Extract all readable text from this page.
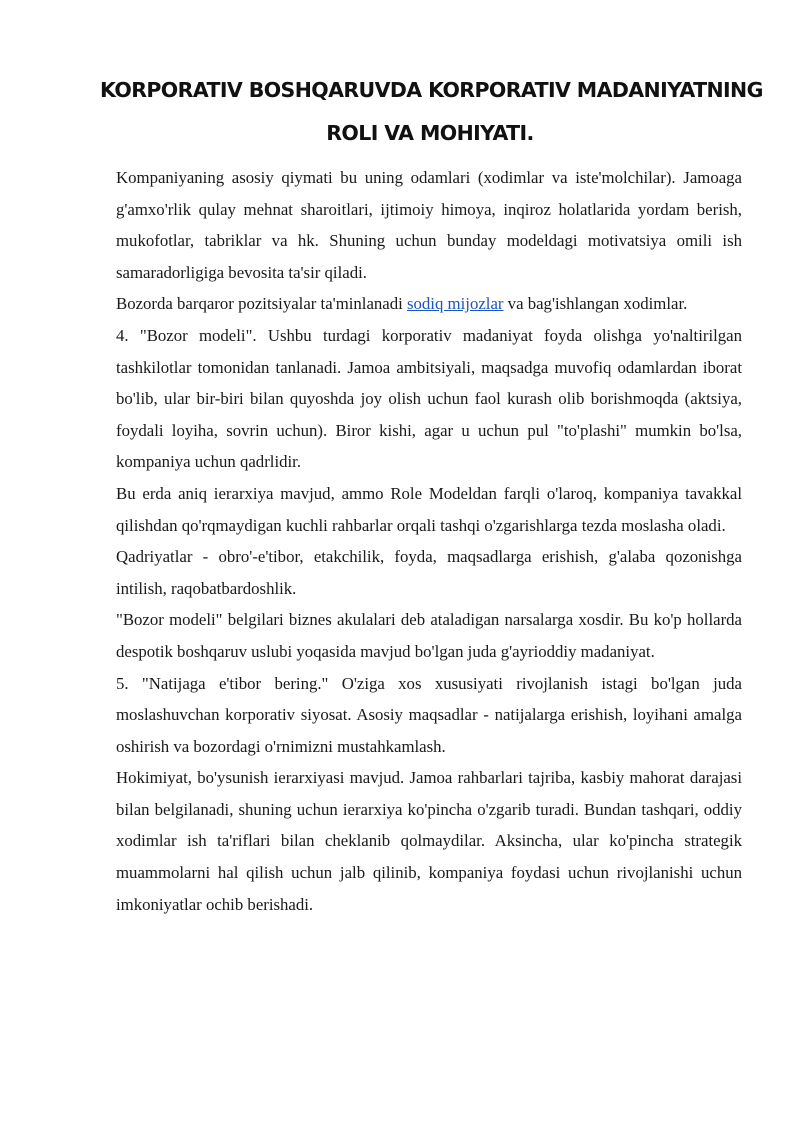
KORPORATIV BOSHQARUVDA KORPORATIV MADANIYATNING
ROLI VA MOHIYATI.

Kompaniyaning asosiy qiymati bu uning odamlari (xodimlar va iste'molchilar). Jamoaga g'amxo'rlik qulay mehnat sharoitlari, ijtimoiy himoya, inqiroz holatlarida yordam berish, mukofotlar, tabriklar va hk. Shuning uchun bunday modeldagi motivatsiya omili ish samaradorligiga bevosita ta'sir qiladi.

Bozorda barqaror pozitsiyalar ta'minlanadi sodiq mijozlar va bag'ishlangan xodimlar.

4. "Bozor modeli". Ushbu turdagi korporativ madaniyat foyda olishga yo'naltirilgan tashkilotlar tomonidan tanlanadi. Jamoa ambitsiyali, maqsadga muvofiq odamlardan iborat bo'lib, ular bir-biri bilan quyoshda joy olish uchun faol kurash olib borishmoqda (aktsiya, foydali loyiha, sovrin uchun). Biror kishi, agar u uchun pul "to'plashi" mumkin bo'lsa, kompaniya uchun qadrlidir.

Bu erda aniq ierarxiya mavjud, ammo Role Modeldan farqli o'laroq, kompaniya tavakkal qilishdan qo'rqmaydigan kuchli rahbarlar orqali tashqi o'zgarishlarga tezda moslasha oladi.

Qadriyatlar - obro'-e'tibor, etakchilik, foyda, maqsadlarga erishish, g'alaba qozonishga intilish, raqobatbardoshlik.

"Bozor modeli" belgilari biznes akulalari deb ataladigan narsalarga xosdir. Bu ko'p hollarda despotik boshqaruv uslubi yoqasida mavjud bo'lgan juda g'ayrioddiy madaniyat.

5. "Natijaga e'tibor bering." O'ziga xos xususiyati rivojlanish istagi bo'lgan juda moslashuvchan korporativ siyosat. Asosiy maqsadlar - natijalarga erishish, loyihani amalga oshirish va bozordagi o'rnimizni mustahkamlash.

Hokimiyat, bo'ysunish ierarxiyasi mavjud. Jamoa rahbarlari tajriba, kasbiy mahorat darajasi bilan belgilanadi, shuning uchun ierarxiya ko'pincha o'zgarib turadi. Bundan tashqari, oddiy xodimlar ish ta'riflari bilan cheklanib qolmaydilar. Aksincha, ular ko'pincha strategik muammolarni hal qilish uchun jalb qilinib, kompaniya foydasi uchun rivojlanishi uchun imkoniyatlar ochib berishadi.
